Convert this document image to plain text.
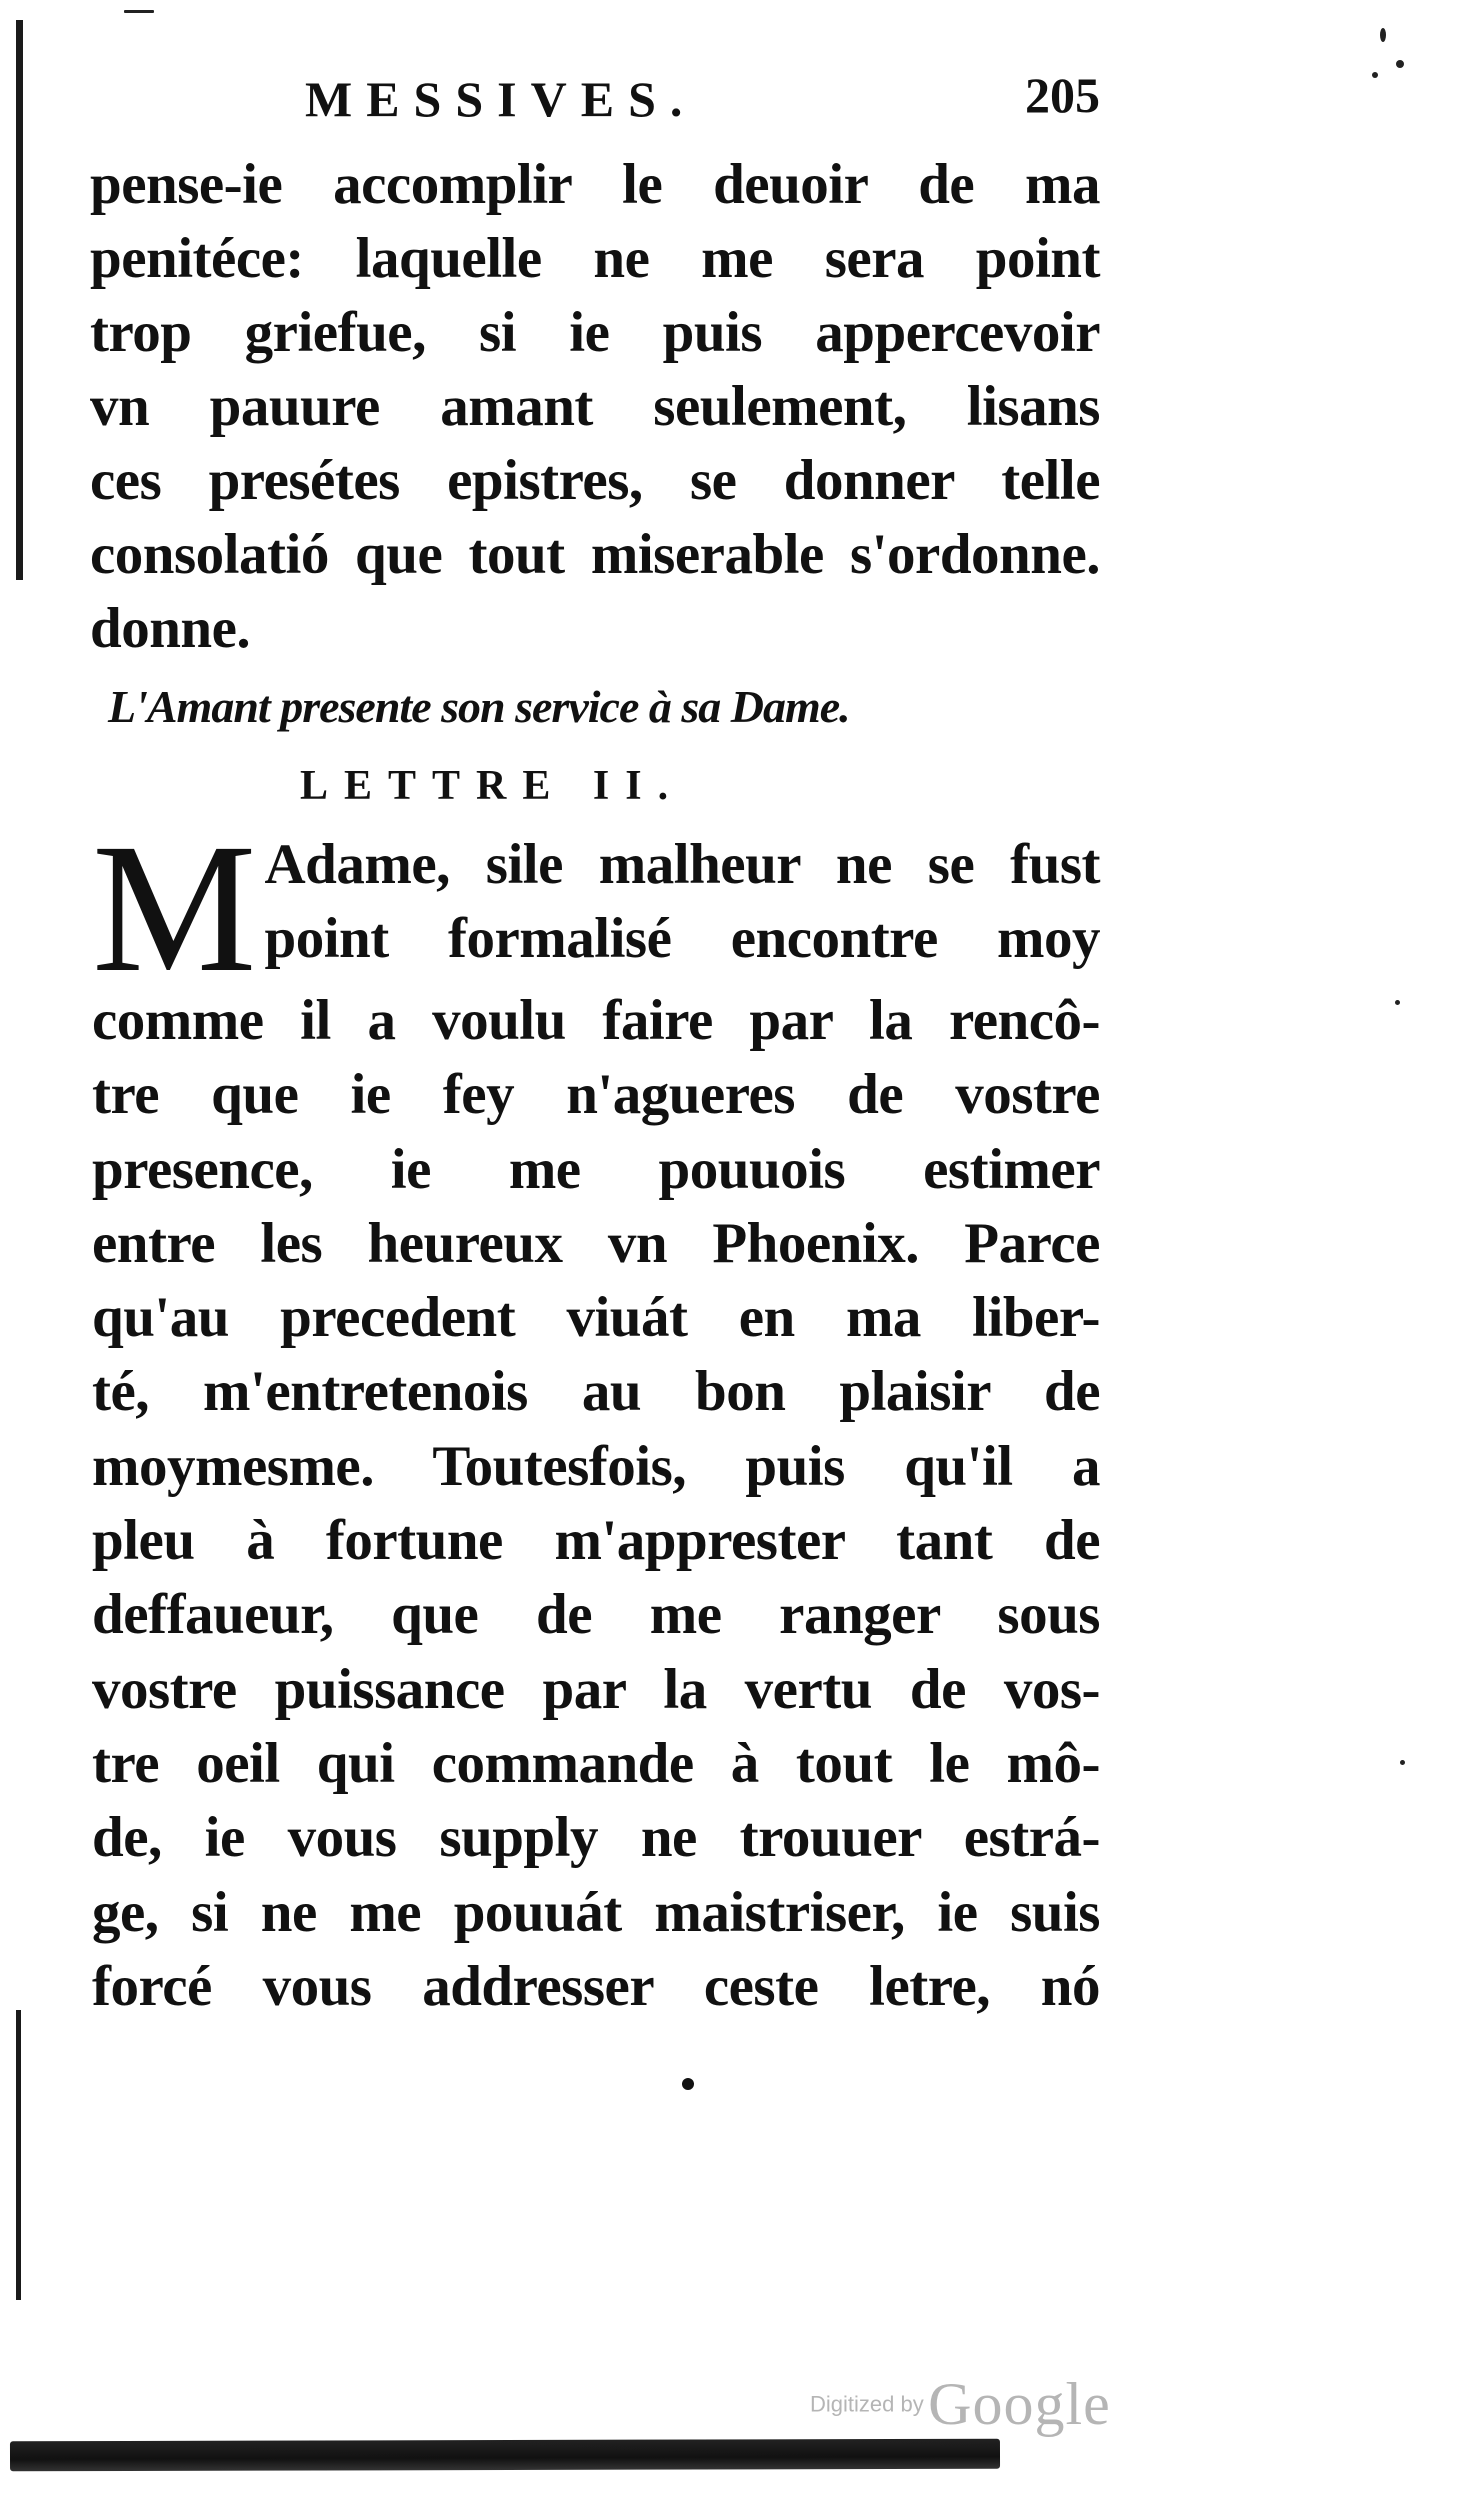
MESSIVES.	205
pense-ie accomplir le deuoir de ma
penitéce: laquelle ne me sera point
trop griefue, si ie puis appercevoir
vn pauure amant seulement, lisans
ces presétes epistres, se donner telle
consolatió que tout miserable s'ordonne.
donne.
L'Amant presente son service à sa Dame.
LETTRE II.
M Adame, sile malheur ne se fust
point formalisé encontre moy
comme il a voulu faire par la rencô-
tre que ie fey n'agueres de vostre
presence, ie me pouuois estimer
entre les heureux vn Phoenix. Parce
qu'au precedent viuát en ma liber-
té, m'entretenois au bon plaisir de
moymesme. Toutesfois, puis qu'il a
pleu à fortune m'apprester tant de
deffaueur, que de me ranger sous
vostre puissance par la vertu de vos-
tre oeil qui commande à tout le mô-
de, ie vous supply ne trouuer estrá-
ge, si ne me pouuát maistriser, ie suis
forcé vous addresser ceste letre, nó
Digitized by Google
